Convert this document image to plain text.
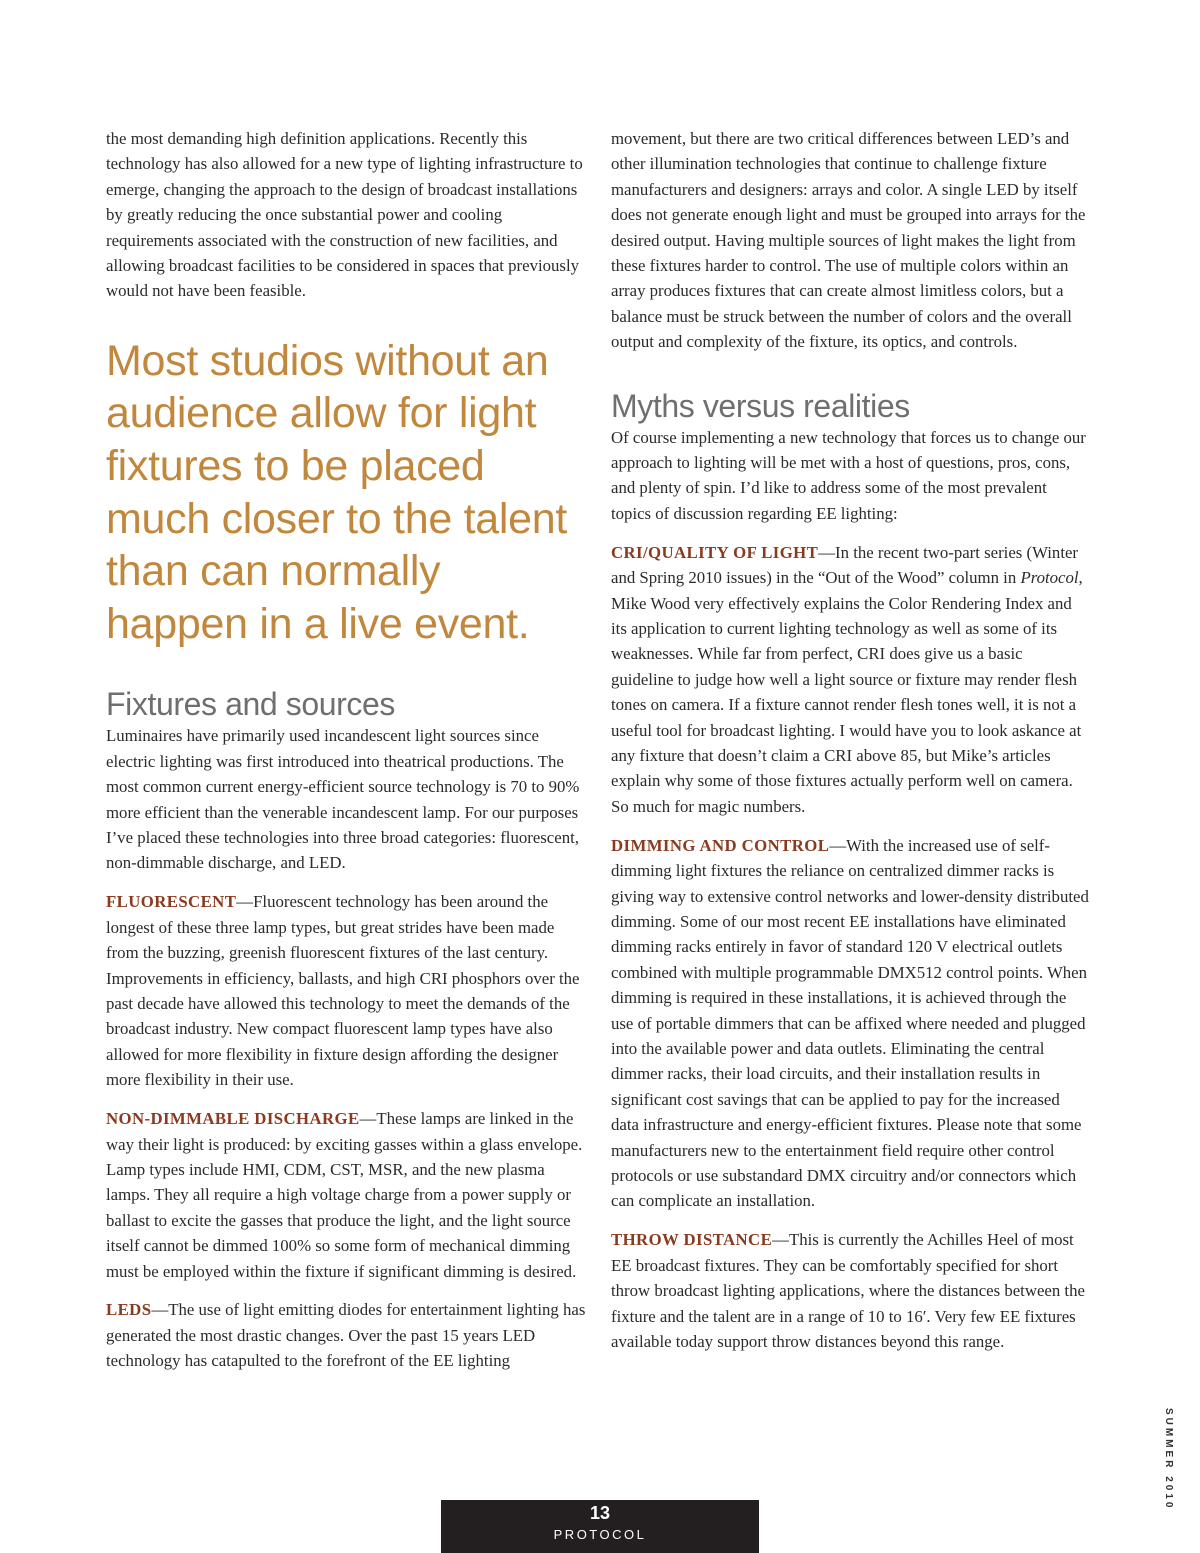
the most demanding high definition applications. Recently this technology has also allowed for a new type of lighting infrastructure to emerge, changing the approach to the design of broadcast installations by greatly reducing the once substantial power and cooling requirements associated with the construction of new facilities, and allowing broadcast facilities to be considered in spaces that previously would not have been feasible.

Most studios without an audience allow for light fixtures to be placed much closer to the talent than can normally happen in a live event.
Fixtures and sources

Luminaires have primarily used incandescent light sources since electric lighting was first introduced into theatrical productions. The most common current energy-efficient source technology is 70 to 90% more efficient than the venerable incandescent lamp. For our purposes I’ve placed these technologies into three broad categories: fluorescent, non-dimmable discharge, and LED.

FLUORESCENT—Fluorescent technology has been around the longest of these three lamp types, but great strides have been made from the buzzing, greenish fluorescent fixtures of the last century. Improvements in efficiency, ballasts, and high CRI phosphors over the past decade have allowed this technology to meet the demands of the broadcast industry. New compact fluorescent lamp types have also allowed for more flexibility in fixture design affording the designer more flexibility in their use.

NON-DIMMABLE DISCHARGE—These lamps are linked in the way their light is produced: by exciting gasses within a glass envelope. Lamp types include HMI, CDM, CST, MSR, and the new plasma lamps. They all require a high voltage charge from a power supply or ballast to excite the gasses that produce the light, and the light source itself cannot be dimmed 100% so some form of mechanical dimming must be employed within the fixture if significant dimming is desired.

LEDS—The use of light emitting diodes for entertainment lighting has generated the most drastic changes. Over the past 15 years LED technology has catapulted to the forefront of the EE lighting

movement, but there are two critical differences between LED’s and other illumination technologies that continue to challenge fixture manufacturers and designers: arrays and color. A single LED by itself does not generate enough light and must be grouped into arrays for the desired output. Having multiple sources of light makes the light from these fixtures harder to control. The use of multiple colors within an array produces fixtures that can create almost limitless colors, but a balance must be struck between the number of colors and the overall output and complexity of the fixture, its optics, and controls.

Myths versus realities

Of course implementing a new technology that forces us to change our approach to lighting will be met with a host of questions, pros, cons, and plenty of spin. I’d like to address some of the most prevalent topics of discussion regarding EE lighting:

CRI/QUALITY OF LIGHT—In the recent two-part series (Winter and Spring 2010 issues) in the “Out of the Wood” column in Protocol, Mike Wood very effectively explains the Color Rendering Index and its application to current lighting technology as well as some of its weaknesses. While far from perfect, CRI does give us a basic guideline to judge how well a light source or fixture may render flesh tones on camera. If a fixture cannot render flesh tones well, it is not a useful tool for broadcast lighting. I would have you to look askance at any fixture that doesn’t claim a CRI above 85, but Mike’s articles explain why some of those fixtures actually perform well on camera. So much for magic numbers.

DIMMING AND CONTROL—With the increased use of self-dimming light fixtures the reliance on centralized dimmer racks is giving way to extensive control networks and lower-density distributed dimming. Some of our most recent EE installations have eliminated dimming racks entirely in favor of standard 120 V electrical outlets combined with multiple programmable DMX512 control points. When dimming is required in these installations, it is achieved through the use of portable dimmers that can be affixed where needed and plugged into the available power and data outlets. Eliminating the central dimmer racks, their load circuits, and their installation results in significant cost savings that can be applied to pay for the increased data infrastructure and energy-efficient fixtures. Please note that some manufacturers new to the entertainment field require other control protocols or use substandard DMX circuitry and/or connectors which can complicate an installation.

THROW DISTANCE—This is currently the Achilles Heel of most EE broadcast fixtures. They can be comfortably specified for short throw broadcast lighting applications, where the distances between the fixture and the talent are in a range of 10 to 16′. Very few EE fixtures available today support throw distances beyond this range.

SUMMER 2010
13
PROTOCOL
